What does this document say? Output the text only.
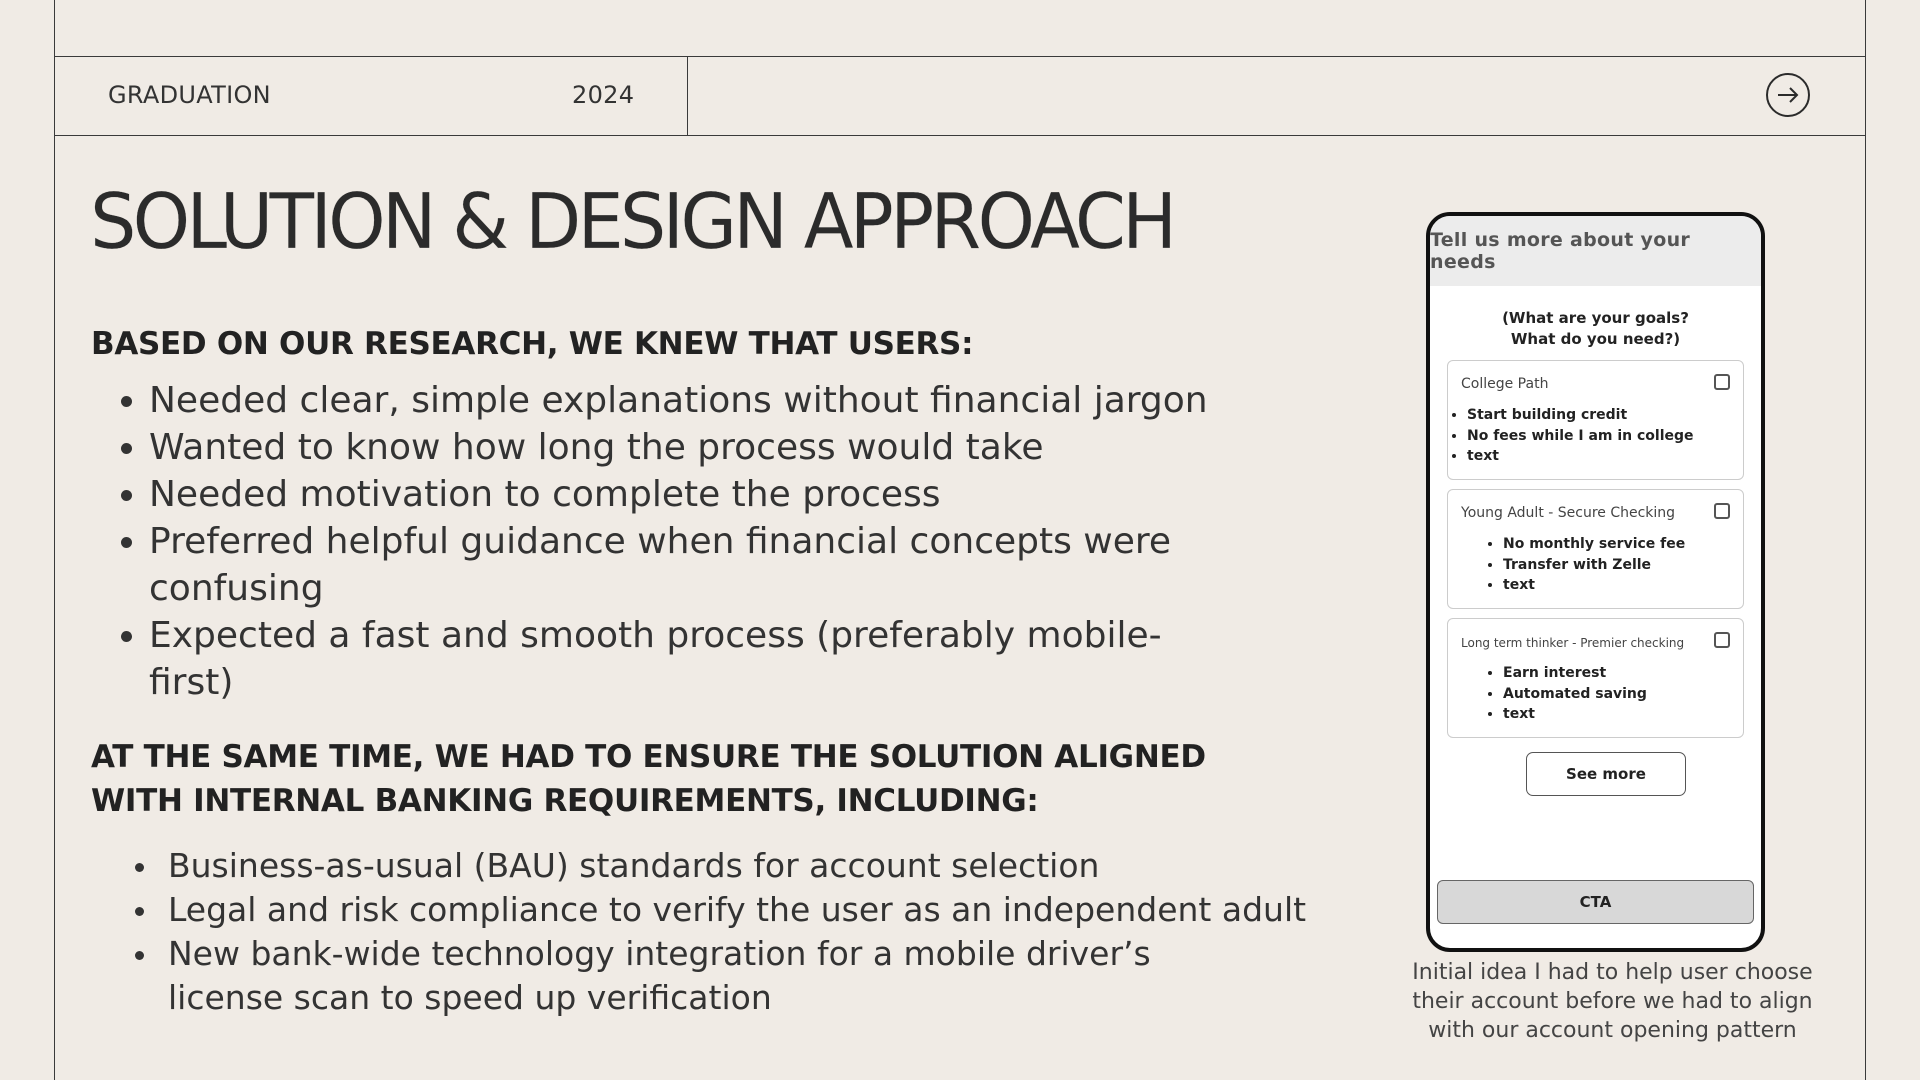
GRADUATION	2024
SOLUTION & DESIGN APPROACH
BASED ON OUR RESEARCH, WE KNEW THAT USERS:
• Needed clear, simple explanations without financial jargon
• Wanted to know how long the process would take
• Needed motivation to complete the process
• Preferred helpful guidance when financial concepts were confusing
• Expected a fast and smooth process (preferably mobile-first)
AT THE SAME TIME, WE HAD TO ENSURE THE SOLUTION ALIGNED WITH INTERNAL BANKING REQUIREMENTS, INCLUDING:
• Business-as-usual (BAU) standards for account selection
• Legal and risk compliance to verify the user as an independent adult
• New bank-wide technology integration for a mobile driver’s license scan to speed up verification
Tell us more about your needs
(What are your goals?
What do you need?)
College Path
• Start building credit
• No fees while I am in college
• text
Young Adult - Secure Checking
• No monthly service fee
• Transfer with Zelle
• text
Long term thinker - Premier checking
• Earn interest
• Automated saving
• text
See more
CTA
Initial idea I had to help user choose their account before we had to align with our account opening pattern
